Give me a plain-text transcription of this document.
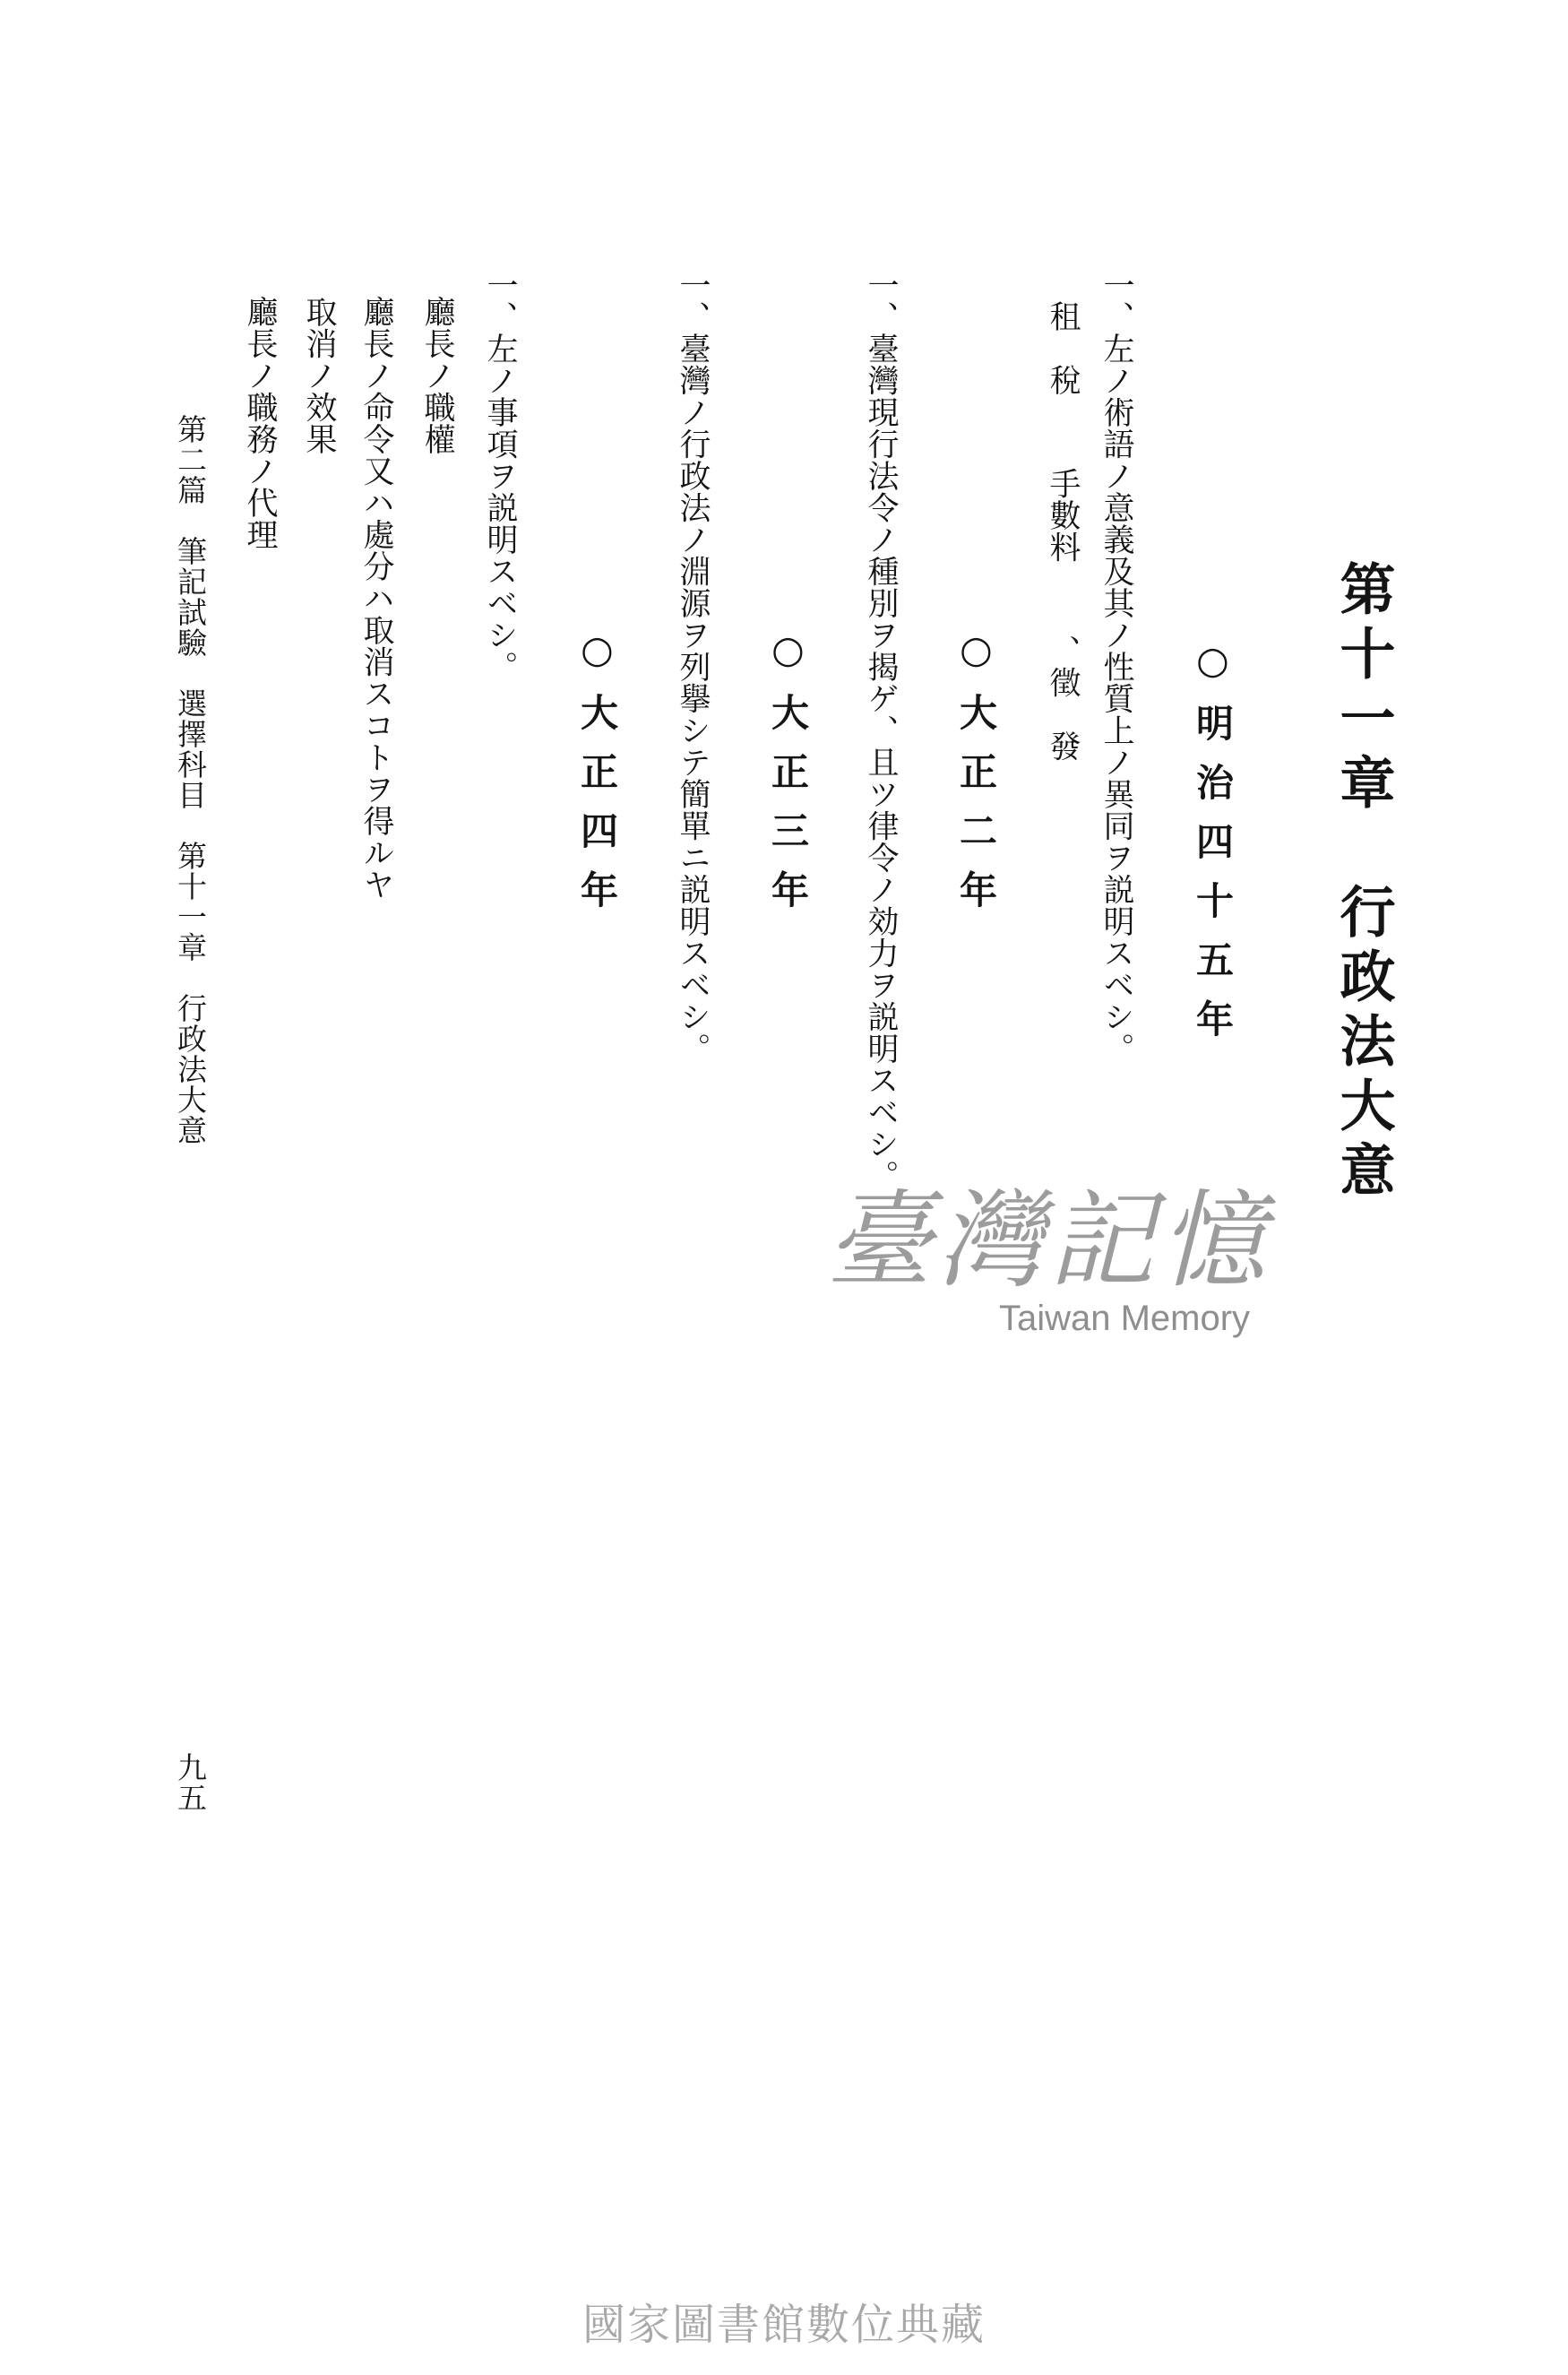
第十一章　行政法大意
○明治四十五年
一、左ノ術語ノ意義及其ノ性質上ノ異同ヲ説明スベシ。
租　稅手數料、徵　發
○大正二年
一、臺灣現行法令ノ種別ヲ揭ゲ、且ツ律令ノ効力ヲ説明スベシ。
○大正三年
一、臺灣ノ行政法ノ淵源ヲ列擧シテ簡單ニ説明スベシ。
○大正四年
一、左ノ事項ヲ説明スベシ。
廳長ノ職權
廳長ノ命令又ハ處分ハ取消スコトヲ得ルヤ
取消ノ效果
廳長ノ職務ノ代理
第二篇　筆記試驗　選擇科目　第十一章　行政法大意
九五
臺灣記憶
Taiwan Memory
國家圖書館數位典藏
